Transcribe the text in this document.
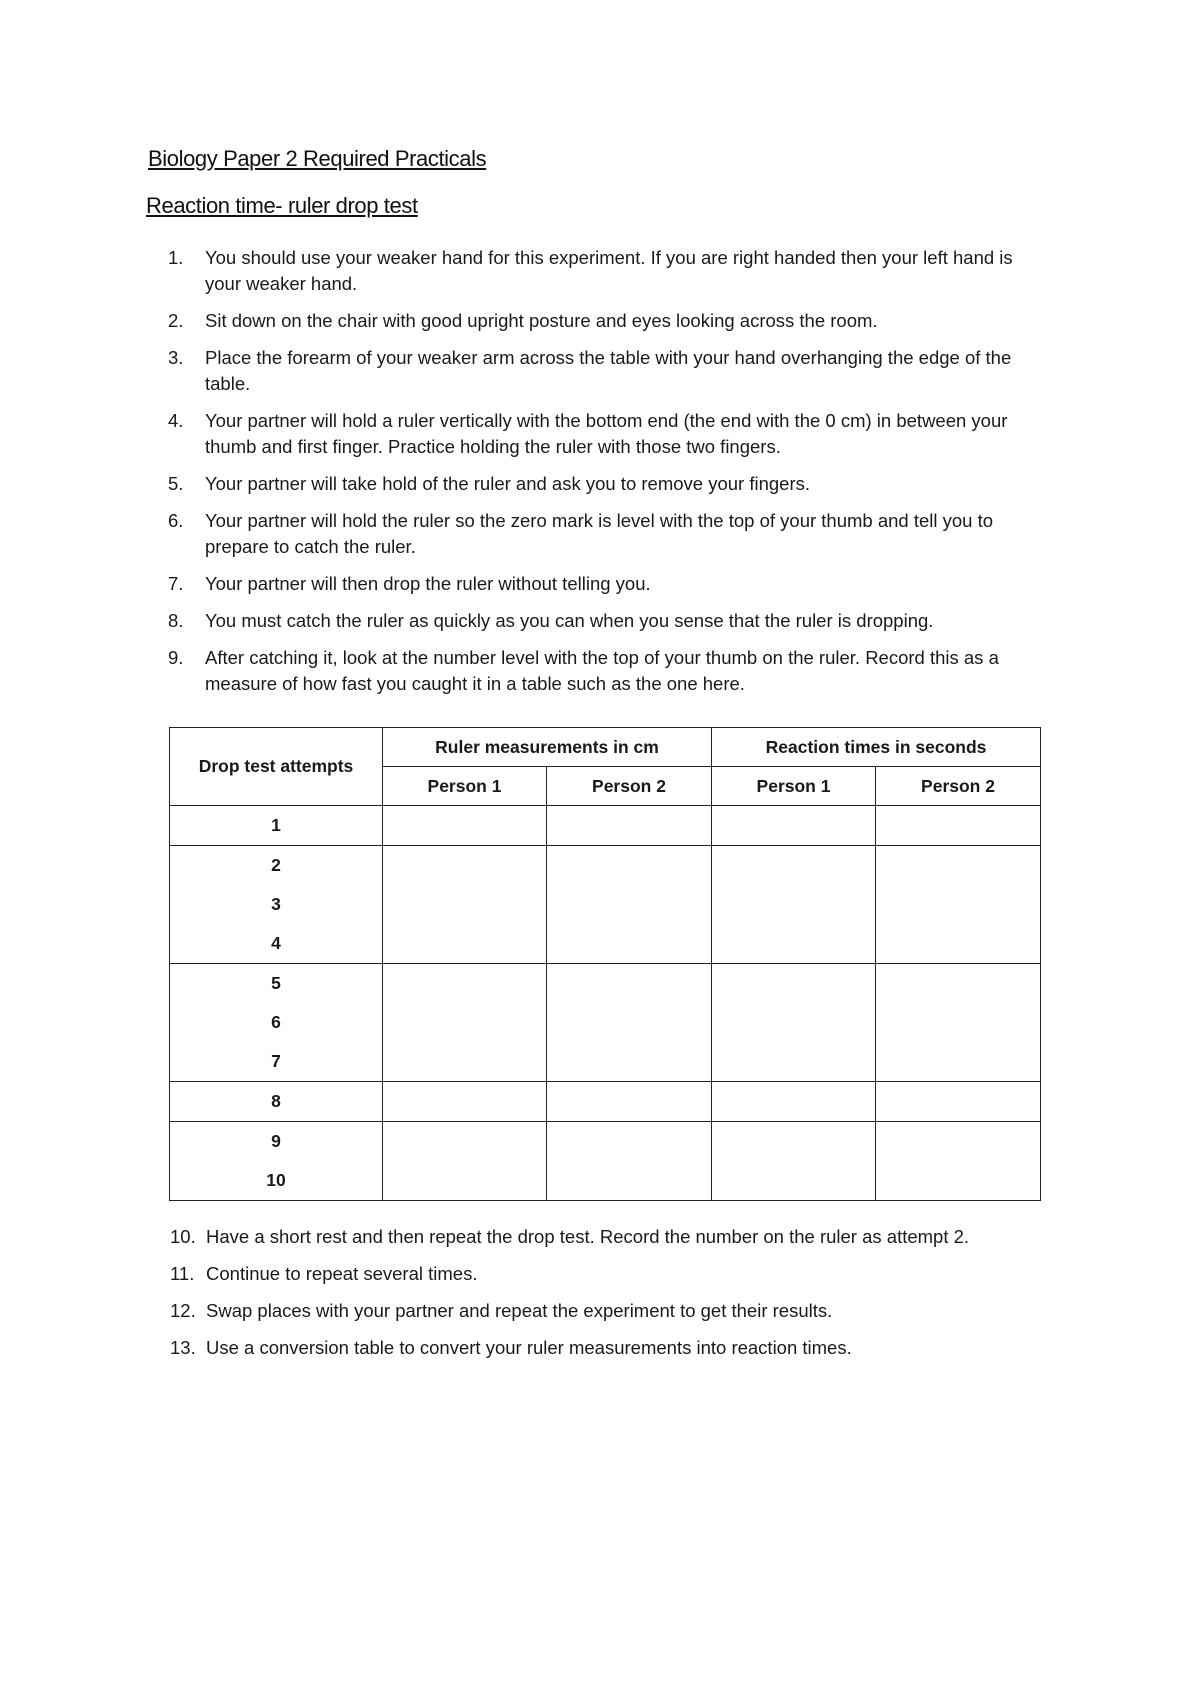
Biology Paper 2 Required Practicals
Reaction time- ruler drop test
1.	You should use your weaker hand for this experiment. If you are right handed then your left hand is your weaker hand.
2.	Sit down on the chair with good upright posture and eyes looking across the room.
3.	Place the forearm of your weaker arm across the table with your hand overhanging the edge of the table.
4.	Your partner will hold a ruler vertically with the bottom end (the end with the 0 cm) in between your thumb and first finger. Practice holding the ruler with those two fingers.
5.	Your partner will take hold of the ruler and ask you to remove your fingers.
6.	Your partner will hold the ruler so the zero mark is level with the top of your thumb and tell you to prepare to catch the ruler.
7.	Your partner will then drop the ruler without telling you.
8.	You must catch the ruler as quickly as you can when you sense that the ruler is dropping.
9.	After catching it, look at the number level with the top of your thumb on the ruler. Record this as a measure of how fast you caught it in a table such as the one here.
Drop test attempts	Ruler measurements in cm		Reaction times in seconds	
	Person 1	Person 2	Person 1	Person 2

1				

2
3
4				

5
6
7				

8				

9
10				

10. Have a short rest and then repeat the drop test. Record the number on the ruler as attempt 2.
11. Continue to repeat several times.
12. Swap places with your partner and repeat the experiment to get their results.
13. Use a conversion table to convert your ruler measurements into reaction times.
